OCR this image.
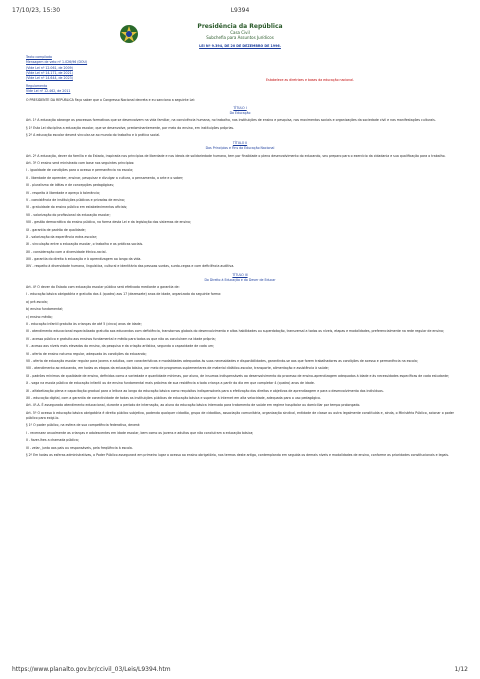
17/10/23, 15:30	L9394
Presidência da República
Casa Civil
Subchefia para Assuntos Jurídicos
LEI Nº 9.394, DE 20 DE DEZEMBRO DE 1996.
Texto compilado
Mensagem de veto nº 1.026/96 (DOU)
(Vide Lei nº 12.061, de 2009)
(Vide Lei nº 14.171, de 2021)
(Vide Lei nº 14.644, de 2023)	Estabelece as diretrizes e bases da educação nacional.
Regulamento
Vide Lei nº 12.462, de 2011

O PRESIDENTE DA REPÚBLICA Faço saber que o Congresso Nacional decreta e eu sanciono a seguinte Lei:

TÍTULO I
Da Educação

Art. 1º A educação abrange os processos formativos que se desenvolvem na vida familiar, na convivência humana, no trabalho, nas instituições de ensino e pesquisa, nos movimentos sociais e organizações da sociedade civil e nas manifestações culturais.

§ 1º Esta Lei disciplina a educação escolar, que se desenvolve, predominantemente, por meio do ensino, em instituições próprias.

§ 2º A educação escolar deverá vincular-se ao mundo do trabalho e à prática social.

TÍTULO II
Dos Princípios e Fins da Educação Nacional

Art. 2º A educação, dever da família e do Estado, inspirada nos princípios de liberdade e nos ideais de solidariedade humana, tem por finalidade o pleno desenvolvimento do educando, seu preparo para o exercício da cidadania e sua qualificação para o trabalho.

Art. 3º O ensino será ministrado com base nos seguintes princípios:

I - igualdade de condições para o acesso e permanência na escola;

II - liberdade de aprender, ensinar, pesquisar e divulgar a cultura, o pensamento, a arte e o saber;

III - pluralismo de idéias e de concepções pedagógicas;

IV - respeito à liberdade e apreço à tolerância;

V - coexistência de instituições públicas e privadas de ensino;

VI - gratuidade do ensino público em estabelecimentos oficiais;

VII - valorização do profissional da educação escolar;

VIII - gestão democrática do ensino público, na forma desta Lei e da legislação dos sistemas de ensino;

IX - garantia de padrão de qualidade;

X - valorização da experiência extra-escolar;

XI - vinculação entre a educação escolar, o trabalho e as práticas sociais.

XII - consideração com a diversidade étnico-racial.

XIII - garantia do direito à educação e à aprendizagem ao longo da vida.

XIV - respeito à diversidade humana, linguística, cultural e identitária das pessoas surdas, surdo-cegas e com deficiência auditiva.

TÍTULO III
Do Direito à Educação e do Dever de Educar

Art. 4º O dever do Estado com educação escolar pública será efetivado mediante a garantia de:

I - educação básica obrigatória e gratuita dos 4 (quatro) aos 17 (dezessete) anos de idade, organizada da seguinte forma:

a) pré-escola;

b) ensino fundamental;

c) ensino médio;

II - educação infantil gratuita às crianças de até 5 (cinco) anos de idade;

III - atendimento educacional especializado gratuito aos educandos com deficiência, transtornos globais do desenvolvimento e altas habilidades ou superdotação, transversal a todos os níveis, etapas e modalidades, preferencialmente na rede regular de ensino;

IV - acesso público e gratuito aos ensinos fundamental e médio para todos os que não os concluíram na idade própria;

V - acesso aos níveis mais elevados do ensino, da pesquisa e da criação artística, segundo a capacidade de cada um;

VI - oferta de ensino noturno regular, adequado às condições do educando;

VII - oferta de educação escolar regular para jovens e adultos, com características e modalidades adequadas às suas necessidades e disponibilidades, garantindo-se aos que forem trabalhadores as condições de acesso e permanência na escola;

VIII - atendimento ao educando, em todas as etapas da educação básica, por meio de programas suplementares de material didático-escolar, transporte, alimentação e assistência à saúde;

IX - padrões mínimos de qualidade de ensino, definidos como a variedade e quantidade mínimas, por aluno, de insumos indispensáveis ao desenvolvimento do processo de ensino-aprendizagem adequados à idade e às necessidades específicas de cada estudante;

X - vaga na escola pública de educação infantil ou de ensino fundamental mais próxima de sua residência a toda criança a partir do dia em que completar 4 (quatro) anos de idade.

XI - alfabetização plena e capacitação gradual para a leitura ao longo da educação básica como requisitos indispensáveis para a efetivação dos direitos e objetivos de aprendizagem e para o desenvolvimento dos indivíduos.

XII - educação digital, com a garantia de conectividade de todas as instituições públicas de educação básica e superior à internet em alta velocidade, adequada para o uso pedagógico.

Art. 4º-A. É assegurado atendimento educacional, durante o período de internação, ao aluno da educação básica internado para tratamento de saúde em regime hospitalar ou domiciliar por tempo prolongado.

Art. 5º O acesso à educação básica obrigatória é direito público subjetivo, podendo qualquer cidadão, grupo de cidadãos, associação comunitária, organização sindical, entidade de classe ou outra legalmente constituída e, ainda, o Ministério Público, acionar o poder público para exigi-lo.

§ 1º O poder público, na esfera de sua competência federativa, deverá:

I - recensear anualmente as crianças e adolescentes em idade escolar, bem como os jovens e adultos que não concluíram a educação básica;

II - fazer-lhes a chamada pública;

III - zelar, junto aos pais ou responsáveis, pela freqüência à escola.

§ 2º Em todas as esferas administrativas, o Poder Público assegurará em primeiro lugar o acesso ao ensino obrigatório, nos termos deste artigo, contemplando em seguida os demais níveis e modalidades de ensino, conforme as prioridades constitucionais e legais.

https://www.planalto.gov.br/ccivil_03/Leis/L9394.htm	1/12
